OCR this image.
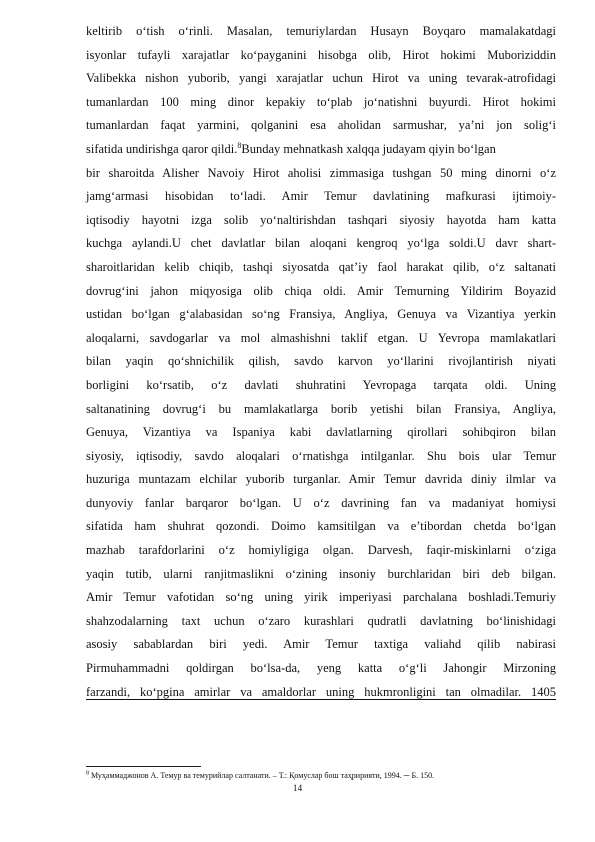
keltirib o‘tish o‘rinli. Masalan, temuriylardan Husayn Boyqaro mamalakatdagi
isyonlar tufayli xarajatlar ko‘payganini hisobga olib, Hirot hokimi Muboriziddin
Valibekka nishon yuborib, yangi xarajatlar uchun Hirot va uning tevarak-atrofidagi
tumanlardan 100 ming dinor kepakiy to‘plab jo‘natishni buyurdi. Hirot hokimi
tumanlardan faqat yarmini, qolganini esa aholidan sarmushar, ya’ni jon solig‘i
sifatida undirishga qaror qildi.$^8$Bunday mehnatkash xalqqa judayam qiyin bo‘lgan
bir sharoitda Alisher Navoiy Hirot aholisi zimmasiga tushgan 50 ming dinorni o‘z
jamg‘armasi hisobidan to‘ladi. Amir Temur davlatining mafkurasi ijtimoiy-
iqtisodiy hayotni izga solib yo‘naltirishdan tashqari siyosiy hayotda ham katta
kuchga aylandi.U chet davlatlar bilan aloqani kengroq yo‘lga soldi.U davr shart-
sharoitlaridan kelib chiqib, tashqi siyosatda qat’iy faol harakat qilib, o‘z saltanati
dovrug‘ini jahon miqyosiga olib chiqa oldi. Amir Temurning Yildirim Boyazid
ustidan bo‘lgan g‘alabasidan so‘ng Fransiya, Angliya, Genuya va Vizantiya yerkin
aloqalarni, savdogarlar va mol almashishni taklif etgan. U Yevropa mamlakatlari
bilan yaqin qo‘shnichilik qilish, savdo karvon yo‘llarini rivojlantirish niyati
borligini ko‘rsatib, o‘z davlati shuhratini Yevropaga tarqata oldi. Uning
saltanatining dovrug‘i bu mamlakatlarga borib yetishi bilan Fransiya, Angliya,
Genuya, Vizantiya va Ispaniya kabi davlatlarning qirollari sohibqiron bilan
siyosiy, iqtisodiy, savdo aloqalari o‘rnatishga intilganlar. Shu bois ular Temur
huzuriga muntazam elchilar yuborib turganlar. Amir Temur davrida diniy ilmlar va
dunyoviy fanlar barqaror bo‘lgan. U o‘z davrining fan va madaniyat homiysi
sifatida ham shuhrat qozondi. Doimo kamsitilgan va e’tibordan chetda bo‘lgan
mazhab tarafdorlarini o‘z homiyligiga olgan. Darvesh, faqir-miskinlarni o‘ziga
yaqin tutib, ularni ranjitmaslikni o‘zining insoniy burchlaridan biri deb bilgan.
Amir Temur vafotidan so‘ng uning yirik imperiyasi parchalana boshladi.Temuriy
shahzodalarning taxt uchun o‘zaro kurashlari qudratli davlatning bo‘linishidagi
asosiy sabablardan biri yedi. Amir Temur taxtiga valiahd qilib nabirasi
Pirmuhammadni qoldirgan bo‘lsa-da, yeng katta o‘g‘li Jahongir Mirzoning
farzandi, ko‘pgina amirlar va amaldorlar uning hukmronligini tan olmadilar. 1405
$^8$ Муҳаммаджонов А. Темур ва темурийлар салтанати. – Т.: Қомуслар бош таҳририяти, 1994. ─ Б. 150.
14
